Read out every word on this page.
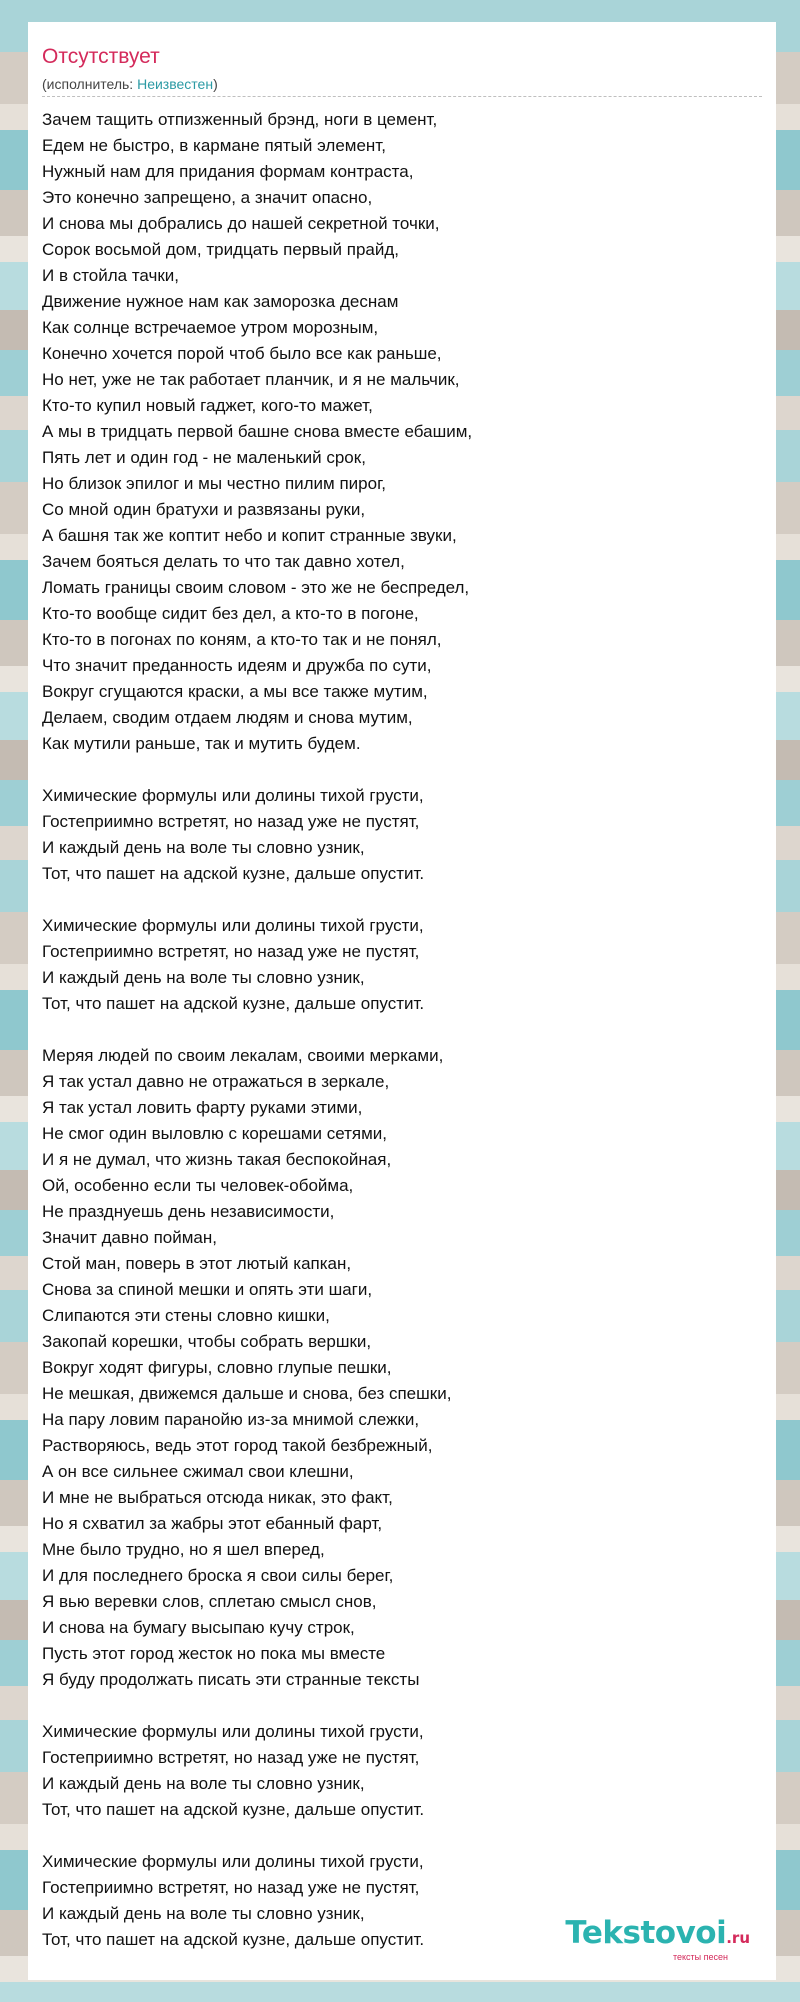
Отсутствует
(исполнитель: Неизвестен)
Зачем тащить отпизженный брэнд, ноги в цемент,
Едем не быстро, в кармане пятый элемент,
Нужный нам для придания формам контраста,
Это конечно запрещено, а значит опасно,
И снова мы добрались до нашей секретной точки,
Сорок восьмой дом, тридцать первый прайд,
И в стойла тачки,
Движение нужное нам как заморозка деснам
Как солнце встречаемое утром морозным,
Конечно хочется порой чтоб было все как раньше,
Но нет, уже не так работает планчик, и я не мальчик,
Кто-то купил новый гаджет, кого-то мажет,
А мы в тридцать первой башне снова вместе ебашим,
Пять лет и один год - не маленький срок,
Но близок эпилог и мы честно пилим пирог,
Со мной один братухи и развязаны руки,
А башня так же коптит небо и копит странные звуки,
Зачем бояться делать то что так давно хотел,
Ломать границы своим словом - это же не беспредел,
Кто-то вообще сидит без дел, а кто-то в погоне,
Кто-то в погонах по коням, а кто-то так и не понял,
Что значит преданность идеям и дружба по сути,
Вокруг сгущаются краски, а мы все также мутим,
Делаем, сводим отдаем людям и снова мутим,
Как мутили раньше, так и мутить будем.
Химические формулы или долины тихой грусти,
Гостеприимно встретят, но назад уже не пустят,
И каждый день на воле ты словно узник,
Тот, что пашет на адской кузне, дальше опустит.
Химические формулы или долины тихой грусти,
Гостеприимно встретят, но назад уже не пустят,
И каждый день на воле ты словно узник,
Тот, что пашет на адской кузне, дальше опустит.
Меряя людей по своим лекалам, своими мерками,
Я так устал давно не отражаться в зеркале,
Я так устал ловить фарту руками этими,
Не смог один выловлю с корешами сетями,
И я не думал, что жизнь такая беспокойная,
Ой, особенно если ты человек-обойма,
Не празднуешь день независимости,
Значит давно пойман,
Стой ман, поверь в этот лютый капкан,
Снова за спиной мешки и опять эти шаги,
Слипаются эти стены словно кишки,
Закопай корешки, чтобы собрать вершки,
Вокруг ходят фигуры, словно глупые пешки,
Не мешкая, движемся дальше и снова, без спешки,
На пару ловим паранойю из-за мнимой слежки,
Растворяюсь, ведь этот город такой безбрежный,
А он все сильнее сжимал свои клешни,
И мне не выбраться отсюда никак, это факт,
Но я схватил за жабры этот ебанный фарт,
Мне было трудно, но я шел вперед,
И для последнего броска я свои силы берег,
Я вью веревки слов, сплетаю смысл снов,
И снова на бумагу высыпаю кучу строк,
Пусть этот город жесток но пока мы вместе
Я буду продолжать писать эти странные тексты
Химические формулы или долины тихой грусти,
Гостеприимно встретят, но назад уже не пустят,
И каждый день на воле ты словно узник,
Тот, что пашет на адской кузне, дальше опустит.
Химические формулы или долины тихой грусти,
Гостеприимно встретят, но назад уже не пустят,
И каждый день на воле ты словно узник,
Тот, что пашет на адской кузне, дальше опустит.	Tekstovoi.ru
тексты песен
